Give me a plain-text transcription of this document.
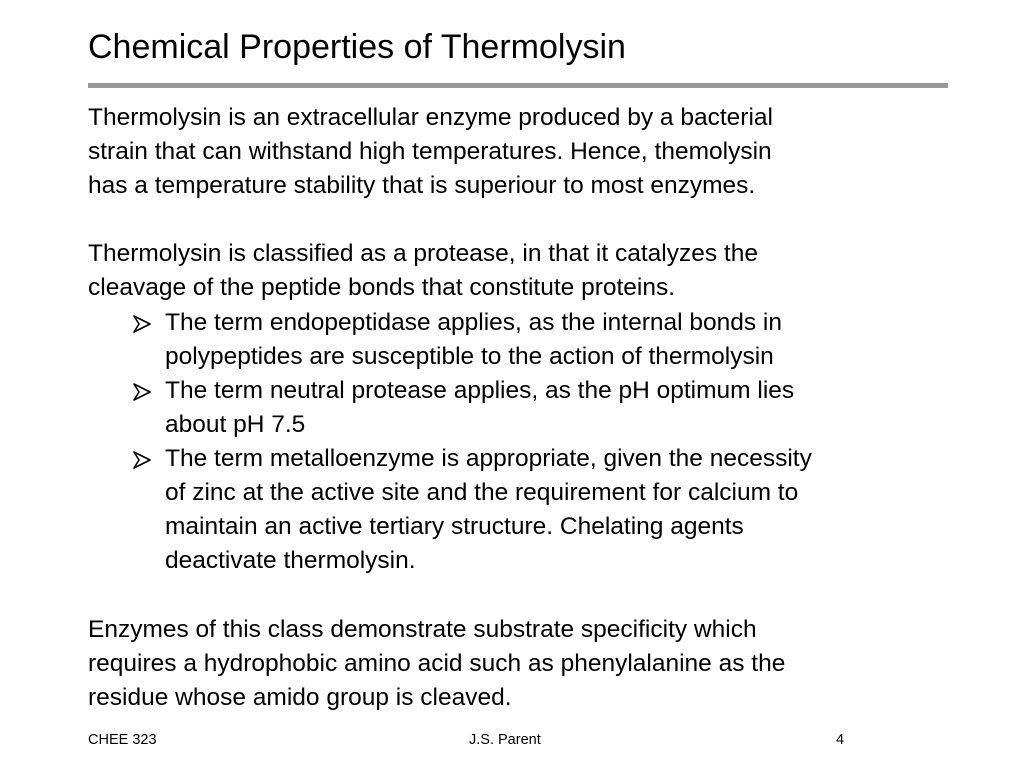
Chemical Properties of Thermolysin
Thermolysin is an extracellular enzyme produced by a bacterial
strain that can withstand high temperatures. Hence, themolysin
has a temperature stability that is superiour to most enzymes.
Thermolysin is classified as a protease, in that it catalyzes the
cleavage of the peptide bonds that constitute proteins.
The term endopeptidase applies, as the internal bonds in
polypeptides are susceptible to the action of thermolysin
The term neutral protease applies, as the pH optimum lies
about pH 7.5
The term metalloenzyme is appropriate, given the necessity
of zinc at the active site and the requirement for calcium to
maintain an active tertiary structure. Chelating agents
deactivate thermolysin.
Enzymes of this class demonstrate substrate specificity which
requires a hydrophobic amino acid such as phenylalanine as the
residue whose amido group is cleaved.
CHEE 323	J.S. Parent	4
